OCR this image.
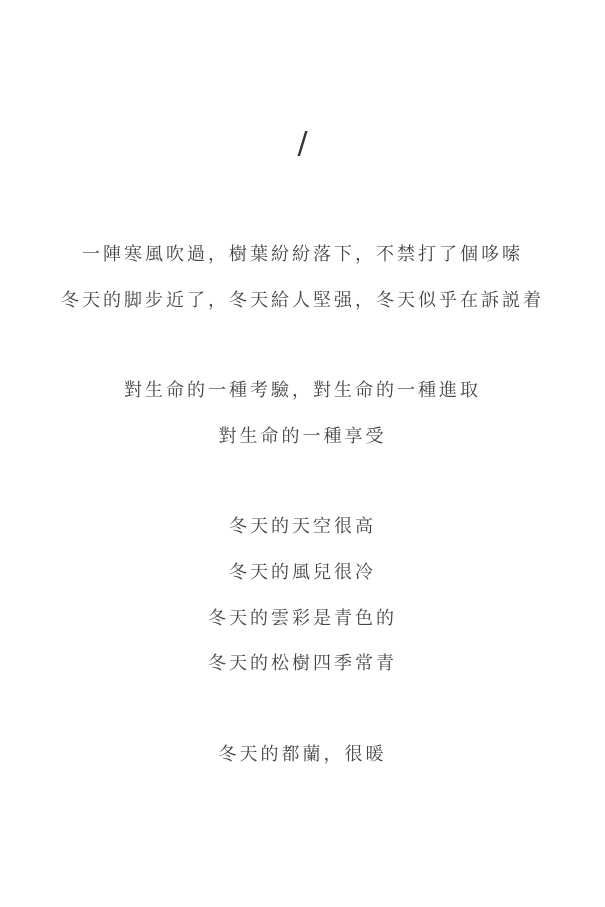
/
一陣寒風吹過，樹葉紛紛落下，不禁打了個哆嗦
冬天的脚步近了，冬天給人堅强，冬天似乎在訴説着
對生命的一種考驗，對生命的一種進取
對生命的一種享受
冬天的天空很高
冬天的風兒很冷
冬天的雲彩是青色的
冬天的松樹四季常青
冬天的都蘭，很暖
